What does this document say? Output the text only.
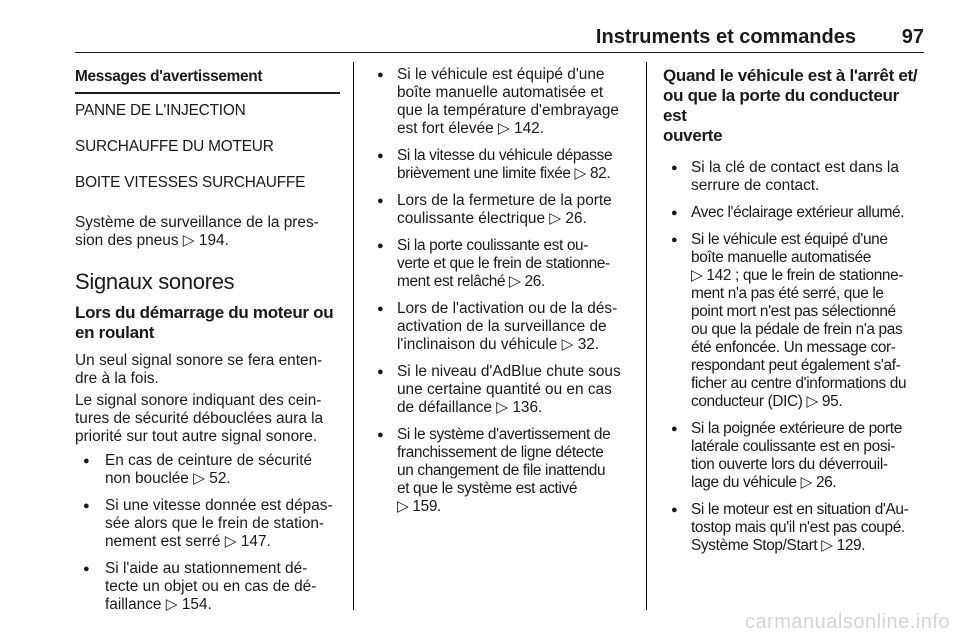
Instruments et commandes 97
Messages d'avertissement

PANNE DE L'INJECTION

SURCHAUFFE DU MOTEUR

BOITE VITESSES SURCHAUFFE

Système de surveillance de la pres-
sion des pneus ▷ 194.

Signaux sonores

Lors du démarrage du moteur ou
en roulant

Un seul signal sonore se fera enten-
dre à la fois.

Le signal sonore indiquant des cein-
tures de sécurité débouclées aura la
priorité sur tout autre signal sonore.

● En cas de ceinture de sécurité
non bouclée ▷ 52.
● Si une vitesse donnée est dépas-
sée alors que le frein de station-
nement est serré ▷ 147.
● Si l'aide au stationnement dé-
tecte un objet ou en cas de dé-
faillance ▷ 154.
● Si le véhicule est équipé d'une
boîte manuelle automatisée et
que la température d'embrayage
est fort élevée ▷ 142.
● Si la vitesse du véhicule dépasse
brièvement une limite fixée ▷ 82.
● Lors de la fermeture de la porte
coulissante électrique ▷ 26.
● Si la porte coulissante est ou-
verte et que le frein de stationne-
ment est relâché ▷ 26.
● Lors de l'activation ou de la dés-
activation de la surveillance de
l'inclinaison du véhicule ▷ 32.
● Si le niveau d'AdBlue chute sous
une certaine quantité ou en cas
de défaillance ▷ 136.
● Si le système d'avertissement de
franchissement de ligne détecte
un changement de file inattendu
et que le système est activé
▷ 159.

Quand le véhicule est à l'arrêt et/
ou que la porte du conducteur est
ouverte

● Si la clé de contact est dans la
serrure de contact.
● Avec l'éclairage extérieur allumé.
● Si le véhicule est équipé d'une
boîte manuelle automatisée
▷ 142 ; que le frein de stationne-
ment n'a pas été serré, que le
point mort n'est pas sélectionné
ou que la pédale de frein n'a pas
été enfoncée. Un message cor-
respondant peut également s'af-
ficher au centre d'informations du
conducteur (DIC) ▷ 95.
● Si la poignée extérieure de porte
latérale coulissante est en posi-
tion ouverte lors du déverrouil-
lage du véhicule ▷ 26.
● Si le moteur est en situation d'Au-
tostop mais qu'il n'est pas coupé.
Système Stop/Start ▷ 129.
carmanualsonline.info
